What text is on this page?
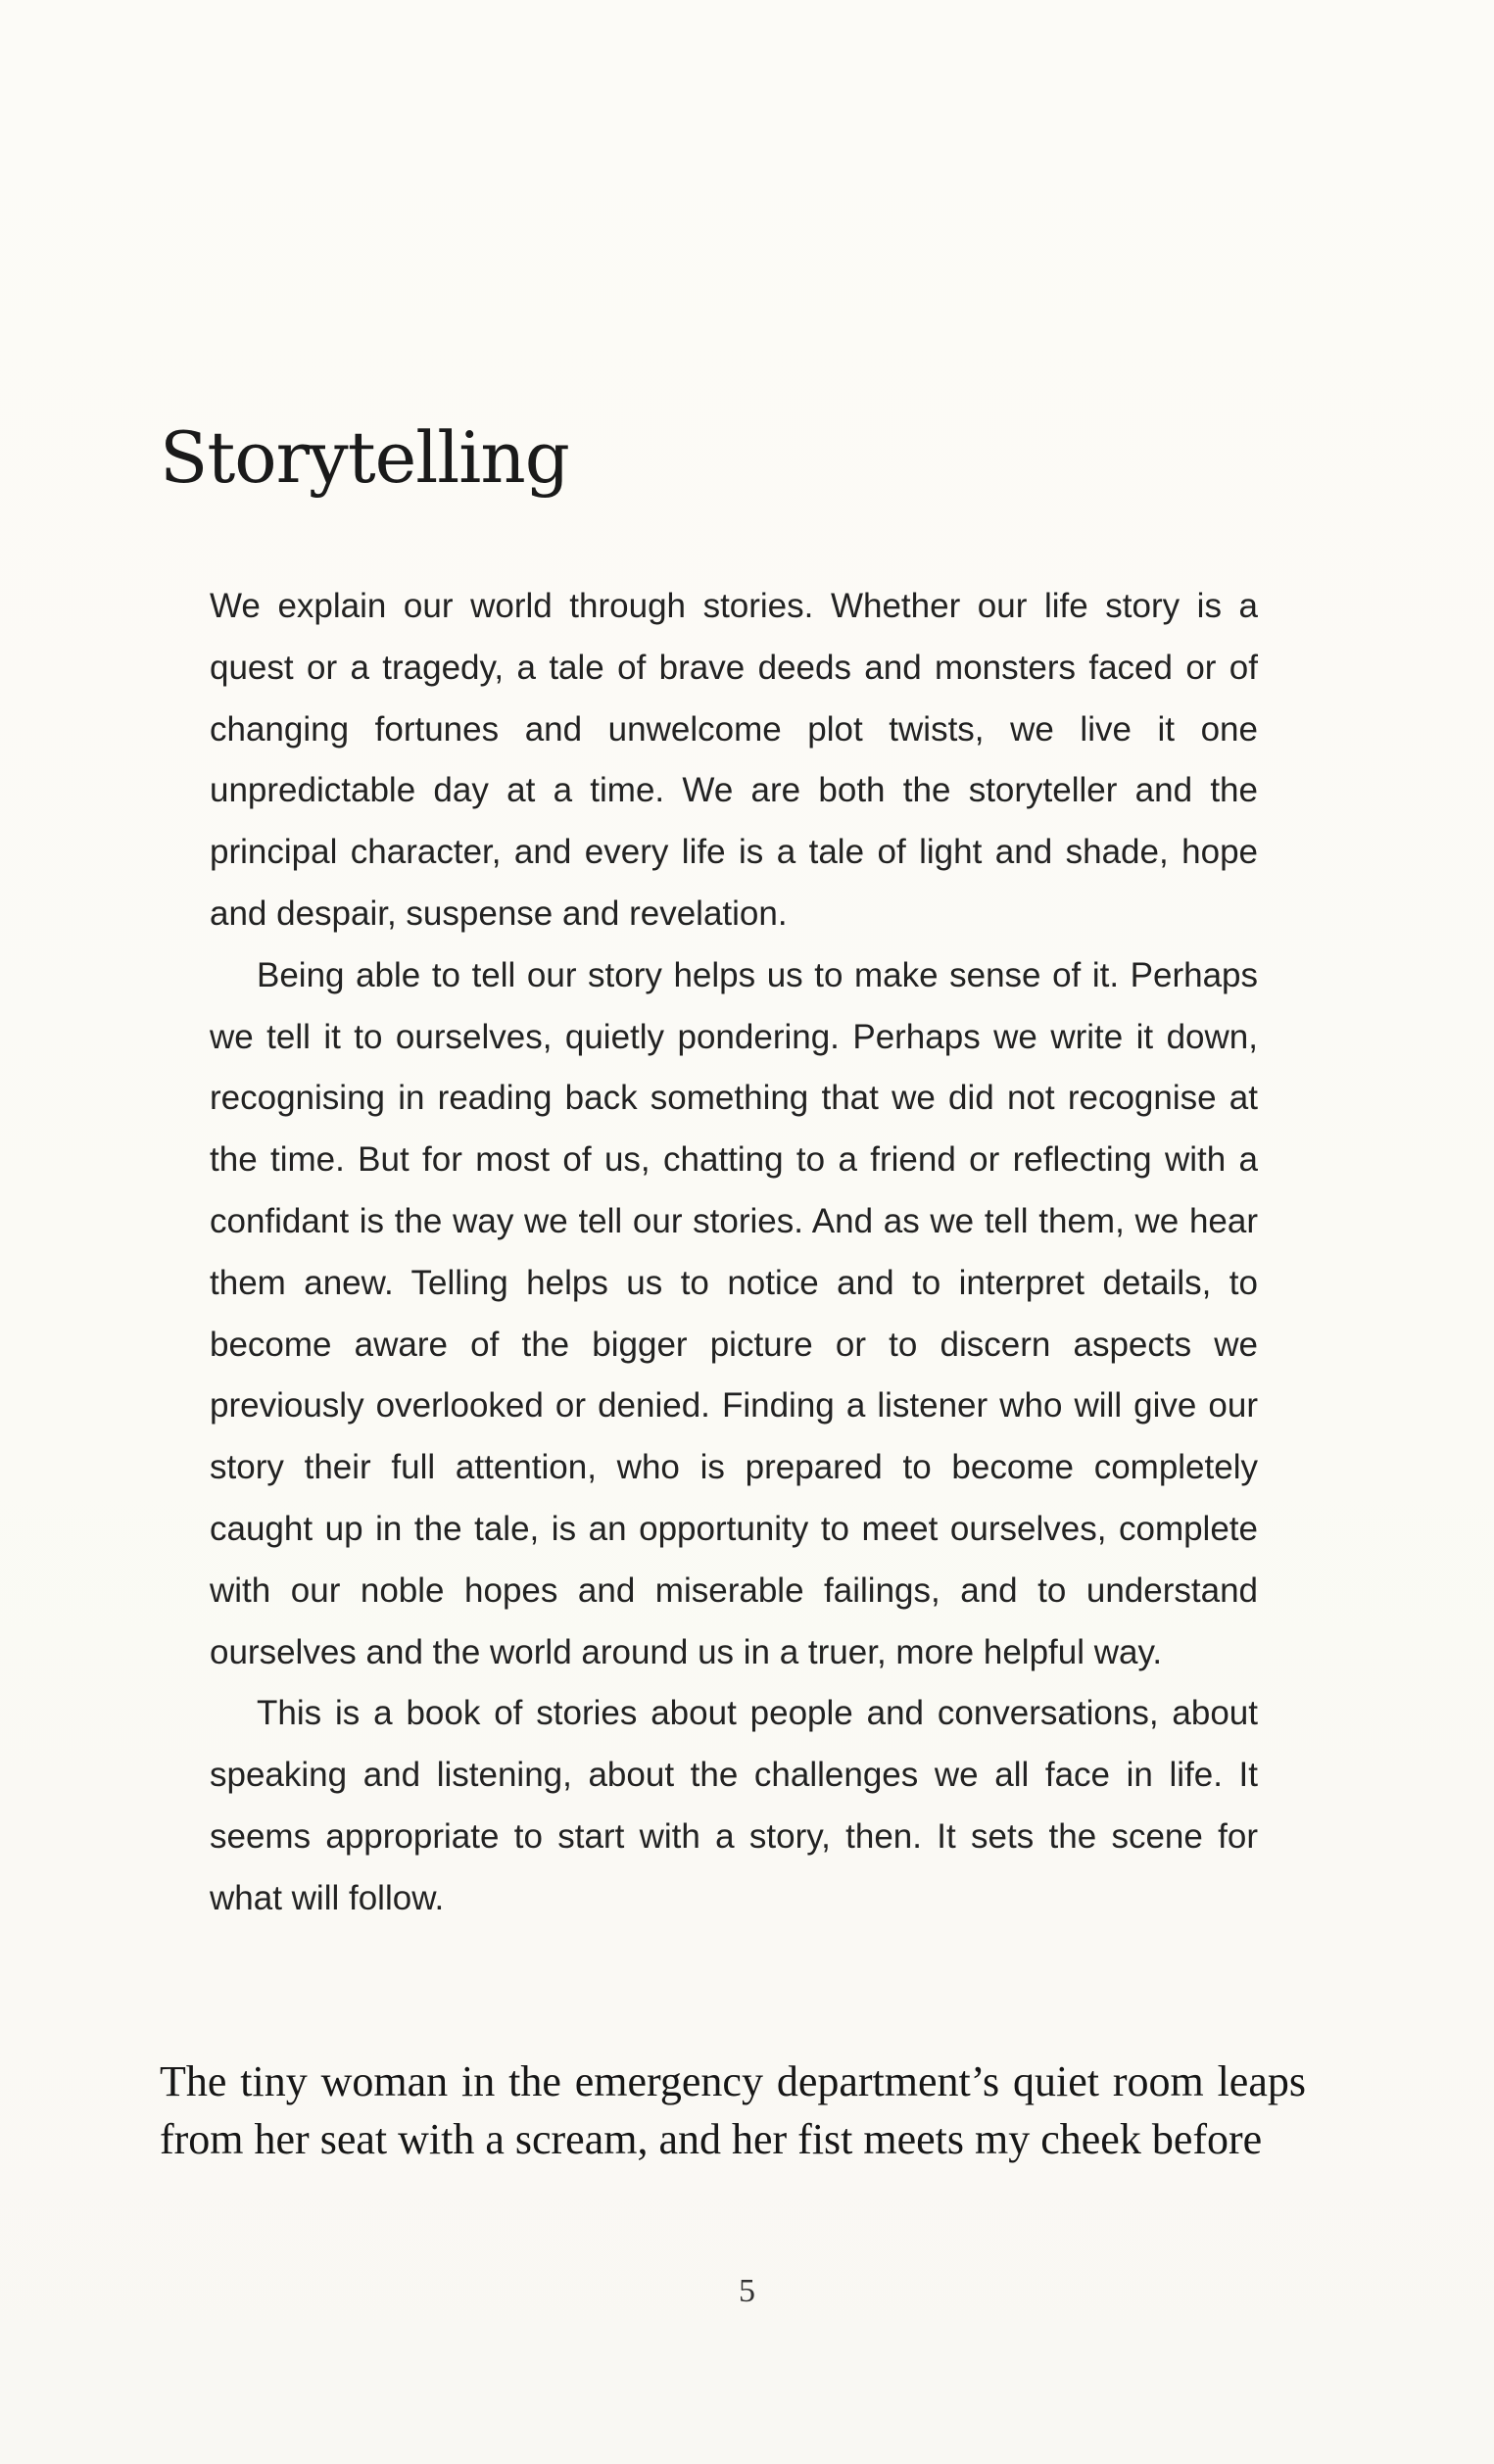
Storytelling

We explain our world through stories. Whether our life story is a quest or a tragedy, a tale of brave deeds and monsters faced or of changing fortunes and unwelcome plot twists, we live it one unpredictable day at a time. We are both the storyteller and the principal character, and every life is a tale of light and shade, hope and despair, suspense and revelation.

Being able to tell our story helps us to make sense of it. Perhaps we tell it to ourselves, quietly pondering. Perhaps we write it down, recognising in reading back something that we did not recognise at the time. But for most of us, chatting to a friend or reflecting with a confidant is the way we tell our stories. And as we tell them, we hear them anew. Telling helps us to notice and to interpret details, to become aware of the bigger picture or to discern aspects we previously overlooked or denied. Finding a listener who will give our story their full attention, who is prepared to become completely caught up in the tale, is an opportunity to meet ourselves, complete with our noble hopes and miserable failings, and to understand ourselves and the world around us in a truer, more helpful way.

This is a book of stories about people and conversations, about speaking and listening, about the challenges we all face in life. It seems appropriate to start with a story, then. It sets the scene for what will follow.

The tiny woman in the emergency department’s quiet room leaps from her seat with a scream, and her fist meets my cheek before

5
